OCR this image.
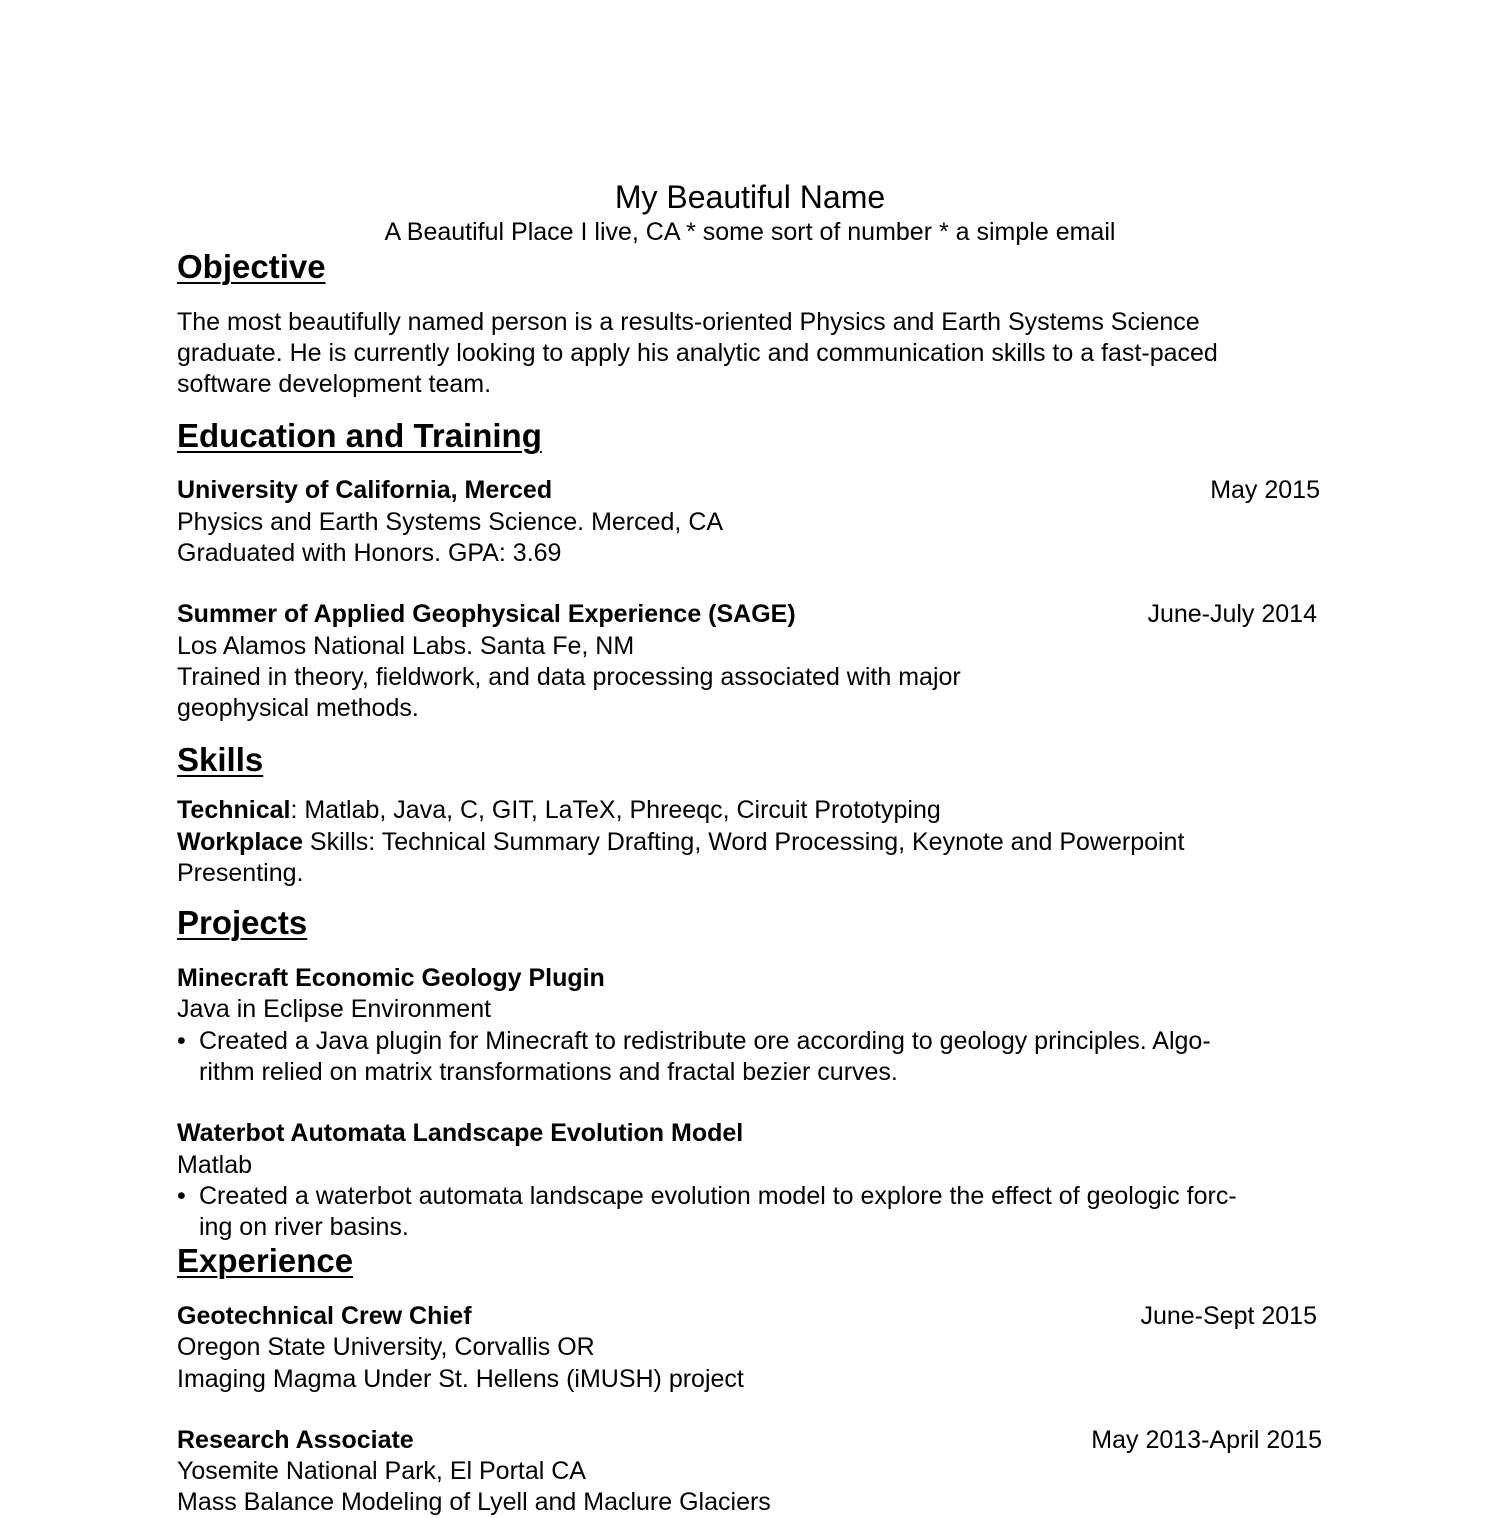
My Beautiful Name
A Beautiful Place I live, CA * some sort of number * a simple email
Objective
The most beautifully named person is a results-oriented Physics and Earth Systems Science
graduate. He is currently looking to apply his analytic and communication skills to a fast-paced
software development team.
Education and Training
University of California, Merced	May 2015
Physics and Earth Systems Science. Merced, CA
Graduated with Honors. GPA: 3.69
Summer of Applied Geophysical Experience (SAGE)	June-July 2014
Los Alamos National Labs. Santa Fe, NM
Trained in theory, fieldwork, and data processing associated with major
geophysical methods.
Skills
Technical: Matlab, Java, C, GIT, LaTeX, Phreeqc, Circuit Prototyping
Workplace Skills: Technical Summary Drafting, Word Processing, Keynote and Powerpoint
Presenting.
Projects
Minecraft Economic Geology Plugin
Java in Eclipse Environment
• Created a Java plugin for Minecraft to redistribute ore according to geology principles. Algo-
rithm relied on matrix transformations and fractal bezier curves.
Waterbot Automata Landscape Evolution Model
Matlab
• Created a waterbot automata landscape evolution model to explore the effect of geologic forc-
ing on river basins.
Experience
Geotechnical Crew Chief	June-Sept 2015
Oregon State University, Corvallis OR
Imaging Magma Under St. Hellens (iMUSH) project
Research Associate	May 2013-April 2015
Yosemite National Park, El Portal CA
Mass Balance Modeling of Lyell and Maclure Glaciers
